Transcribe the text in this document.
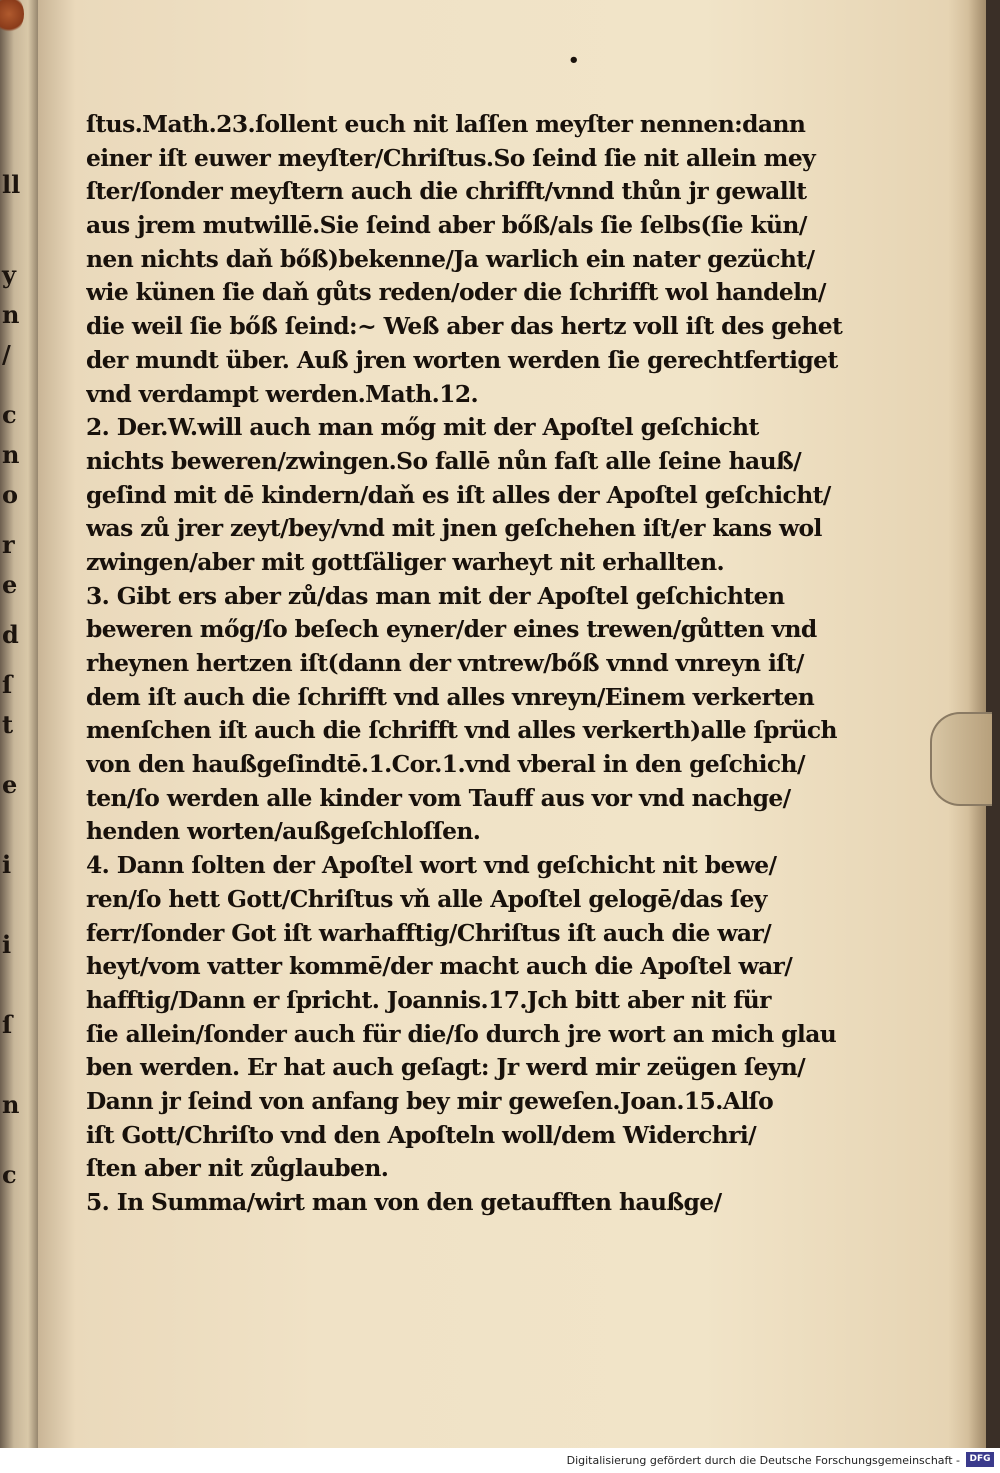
ll
y
n
/
c
n
o
r
e
d
ſ
t
e
i
i
ſ
n
c
•
ſtus.Math.23.ſollent euch nit laſſen meyſter nennen:dann
einer iſt euwer meyſter/Chriſtus.So ſeind ſie nit allein mey
ſter/ſonder meyſtern auch die chrifft/vnnd thůn jr gewallt
aus jrem mutwillē.Sie ſeind aber bőß/als ſie ſelbs(ſie kün/
nen nichts daň bőß)bekenne/Ja warlich ein nater gezücht/
wie künen ſie daň gůts reden/oder die ſchrifft wol handeln/
die weil ſie bőß ſeind:~ Weß aber das hertz voll iſt des gehet
der mundt über. Auß jren worten werden ſie gerechtfertiget
vnd verdampt werden.Math.12.
2. Der.W.will auch man mőg mit der Apoſtel geſchicht
nichts beweren/zwingen.So fallē nůn faſt alle ſeine hauß/
geſind mit dē kindern/daň es iſt alles der Apoſtel geſchicht/
was zů jrer zeyt/bey/vnd mit jnen geſchehen iſt/er kans wol
zwingen/aber mit gottſäliger warheyt nit erhallten.
3. Gibt ers aber zů/das man mit der Apoſtel geſchichten
beweren mőg/ſo beſech eyner/der eines trewen/gůtten vnd
rheynen hertzen iſt(dann der vntrew/bőß vnnd vnreyn iſt/
dem iſt auch die ſchrifft vnd alles vnreyn/Einem verkerten
menſchen iſt auch die ſchrifft vnd alles verkerth)alle ſprüch
von den haußgeſindtē.1.Cor.1.vnd vberal in den geſchich/
ten/ſo werden alle kinder vom Tauff aus vor vnd nachge/
henden worten/außgeſchloſſen.
4. Dann ſolten der Apoſtel wort vnd geſchicht nit bewe/
ren/ſo hett Gott/Chriſtus vň alle Apoſtel gelogē/das ſey
ferr/ſonder Got iſt warhafftig/Chriſtus iſt auch die war/
heyt/vom vatter kommē/der macht auch die Apoſtel war/
hafftig/Dann er ſpricht. Joannis.17.Jch bitt aber nit für
ſie allein/ſonder auch für die/ſo durch jre wort an mich glau
ben werden. Er hat auch geſagt: Jr werd mir zeügen ſeyn/
Dann jr ſeind von anfang bey mir geweſen.Joan.15.Alſo
iſt Gott/Chriſto vnd den Apoſteln woll/dem Widerchri/
ſten aber nit zůglauben.
5. In Summa/wirt man von den getaufften haußge/
Digitalisierung gefördert durch die Deutsche Forschungsgemeinschaft -	DFG
